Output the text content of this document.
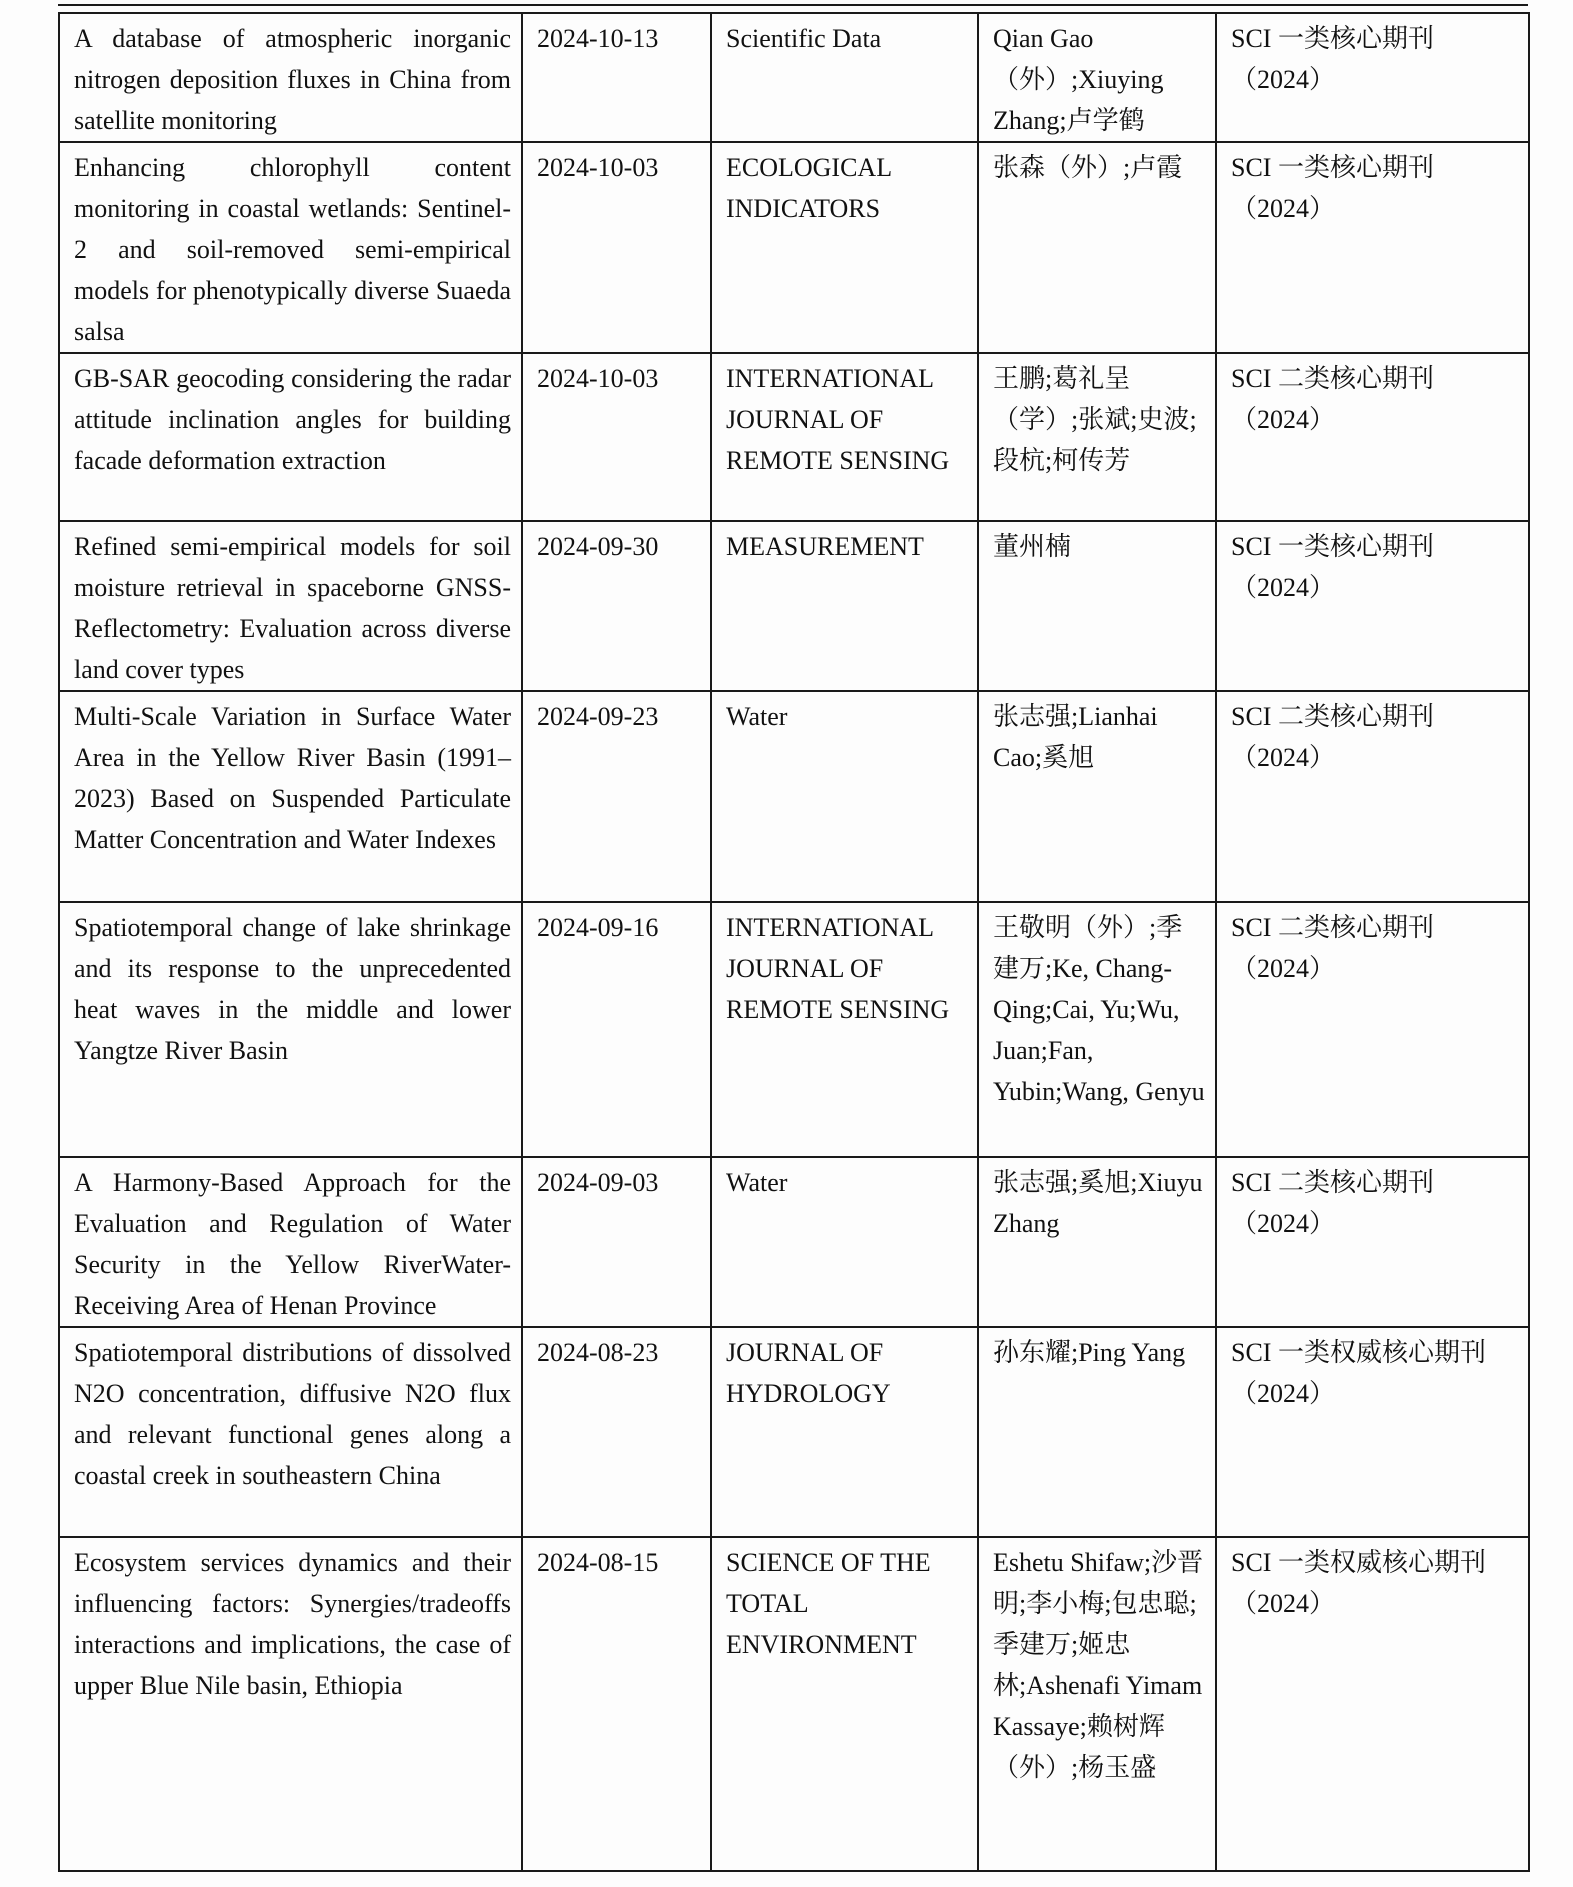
A database of atmospheric inorganic nitrogen deposition fluxes in China from satellite monitoring	2024-10-13	Scientific Data	Qian Gao（外）;Xiuying Zhang;卢学鹤	SCI 一类核心期刊（2024）
Enhancing chlorophyll content monitoring in coastal wetlands: Sentinel-2 and soil-removed semi-empirical models for phenotypically diverse Suaeda salsa	2024-10-03	ECOLOGICAL INDICATORS	张森（外）;卢霞	SCI 一类核心期刊（2024）
GB-SAR geocoding considering the radar attitude inclination angles for building facade deformation extraction	2024-10-03	INTERNATIONAL JOURNAL OF REMOTE SENSING	王鹏;葛礼呈（学）;张斌;史波;段杭;柯传芳	SCI 二类核心期刊（2024）
Refined semi-empirical models for soil moisture retrieval in spaceborne GNSS-Reflectometry: Evaluation across diverse land cover types	2024-09-30	MEASUREMENT	董州楠	SCI 一类核心期刊（2024）
Multi-Scale Variation in Surface Water Area in the Yellow River Basin (1991–2023) Based on Suspended Particulate Matter Concentration and Water Indexes	2024-09-23	Water	张志强;Lianhai Cao;奚旭	SCI 二类核心期刊（2024）
Spatiotemporal change of lake shrinkage and its response to the unprecedented heat waves in the middle and lower Yangtze River Basin	2024-09-16	INTERNATIONAL JOURNAL OF REMOTE SENSING	王敬明（外）;季建万;Ke, Chang-Qing;Cai, Yu;Wu, Juan;Fan, Yubin;Wang, Genyu	SCI 二类核心期刊（2024）
A Harmony-Based Approach for the Evaluation and Regulation of Water Security in the Yellow RiverWater-Receiving Area of Henan Province	2024-09-03	Water	张志强;奚旭;Xiuyu Zhang	SCI 二类核心期刊（2024）
Spatiotemporal distributions of dissolved N2O concentration, diffusive N2O flux and relevant functional genes along a coastal creek in southeastern China	2024-08-23	JOURNAL OF HYDROLOGY	孙东耀;Ping Yang	SCI 一类权威核心期刊（2024）
Ecosystem services dynamics and their influencing factors: Synergies/tradeoffs interactions and implications, the case of upper Blue Nile basin, Ethiopia	2024-08-15	SCIENCE OF THE TOTAL ENVIRONMENT	Eshetu Shifaw;沙晋明;李小梅;包忠聪;季建万;姬忠林;Ashenafi Yimam Kassaye;赖树辉（外）;杨玉盛	SCI 一类权威核心期刊（2024）
